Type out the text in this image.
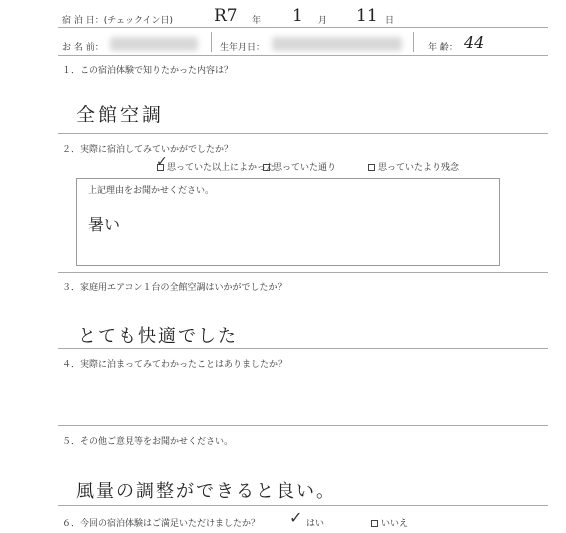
宿 泊 日：(チェックイン日) R7 年 1 月 11 日
お 名 前：	生年月日：	年 齢： 44
１．この宿泊体験で知りたかった内容は？
全館空調
２．実際に宿泊してみていかがでしたか？
思っていた以上によかった
✓	思っていた通り	思っていたより残念
上記理由をお聞かせください。
暑い
３．家庭用エアコン１台の全館空調はいかがでしたか？
とても快適でした
４．実際に泊まってみてわかったことはありましたか？
５．その他ご意見等をお聞かせください。
風量の調整ができると良い。
６．今回の宿泊体験はご満足いただけましたか？ ✓ はい	いいえ
